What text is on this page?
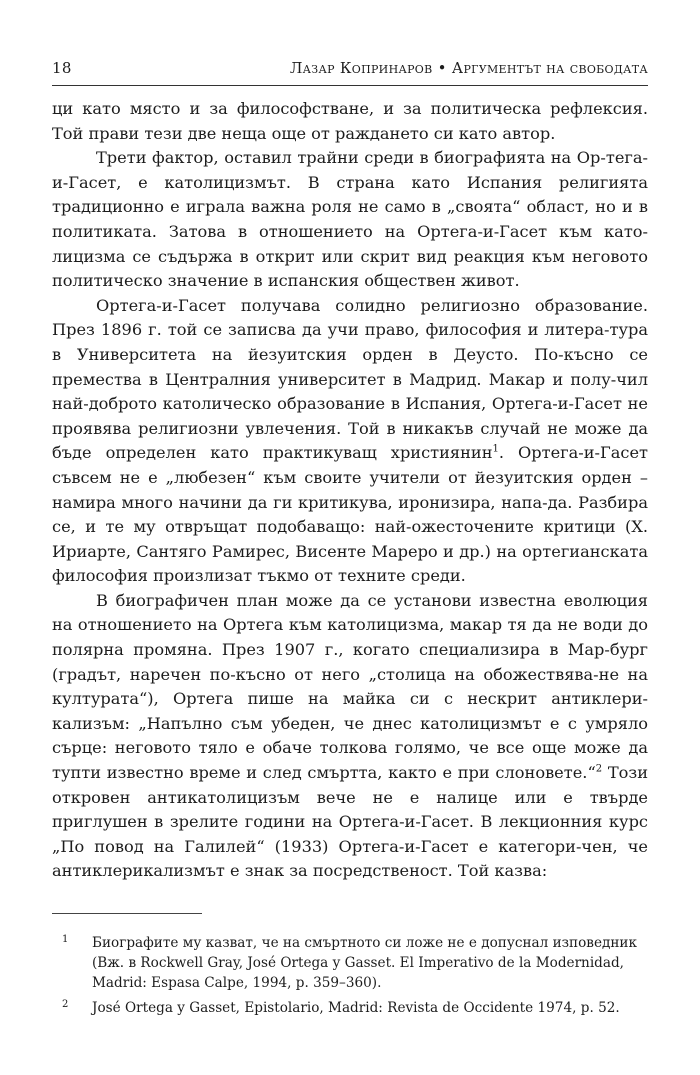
18	Лазар Копринаров • Аргументът на свободата

ци като място и за философстване, и за политическа рефлексия. Той прави тези две неща още от раждането си като автор.

Трети фактор, оставил трайни среди в биографията на Ор-тега-и-Гасет, е католицизмът. В страна като Испания религията традиционно е играла важна роля не само в „своята“ област, но и в политиката. Затова в отношението на Ортега-и-Гасет към като-лицизма се съдържа в открит или скрит вид реакция към неговото политическо значение в испанския обществен живот.

Ортега-и-Гасет получава солидно религиозно образование. През 1896 г. той се записва да учи право, философия и литера-тура в Университета на йезуитския орден в Деусто. По-късно се премества в Централния университет в Мадрид. Макар и полу-чил най-доброто католическо образование в Испания, Ортега-и-Гасет не проявява религиозни увлечения. Той в никакъв случай не може да бъде определен като практикуващ християнин$^1$. Ортега-и-Гасет съвсем не е „любезен“ към своите учители от йезуитския орден – намира много начини да ги критикува, иронизира, напа-да. Разбира се, и те му отвръщат подобаващо: най-ожесточените критици (Х. Ириарте, Сантяго Рамирес, Висенте Мареро и др.) на ортегианската философия произлизат тъкмо от техните среди.

В биографичен план може да се установи известна еволюция на отношението на Ортега към католицизма, макар тя да не води до полярна промяна. През 1907 г., когато специализира в Мар-бург (градът, наречен по-късно от него „столица на обожествява-не на културата“), Ортега пише на майка си с нескрит антиклери-кализъм: „Напълно съм убеден, че днес католицизмът е с умряло сърце: неговото тяло е обаче толкова голямо, че все още може да тупти известно време и след смъртта, както е при слоновете.“$^2$ Този откровен антикатолицизъм вече не е налице или е твърде приглушен в зрелите години на Ортега-и-Гасет. В лекционния курс „По повод на Галилей“ (1933) Ортега-и-Гасет е категори-чен, че антиклерикализмът е знак за посредственост. Той казва:

1 Биографите му казват, че на смъртното си ложе не е допуснал изповедник (Вж. в Rockwell Gray, José Ortega y Gasset. El Imperativo de la Modernidad, Madrid: Espasa Calpe, 1994, p. 359–360).
2 José Ortega y Gasset, Epistolario, Madrid: Revista de Occidente 1974, p. 52.
